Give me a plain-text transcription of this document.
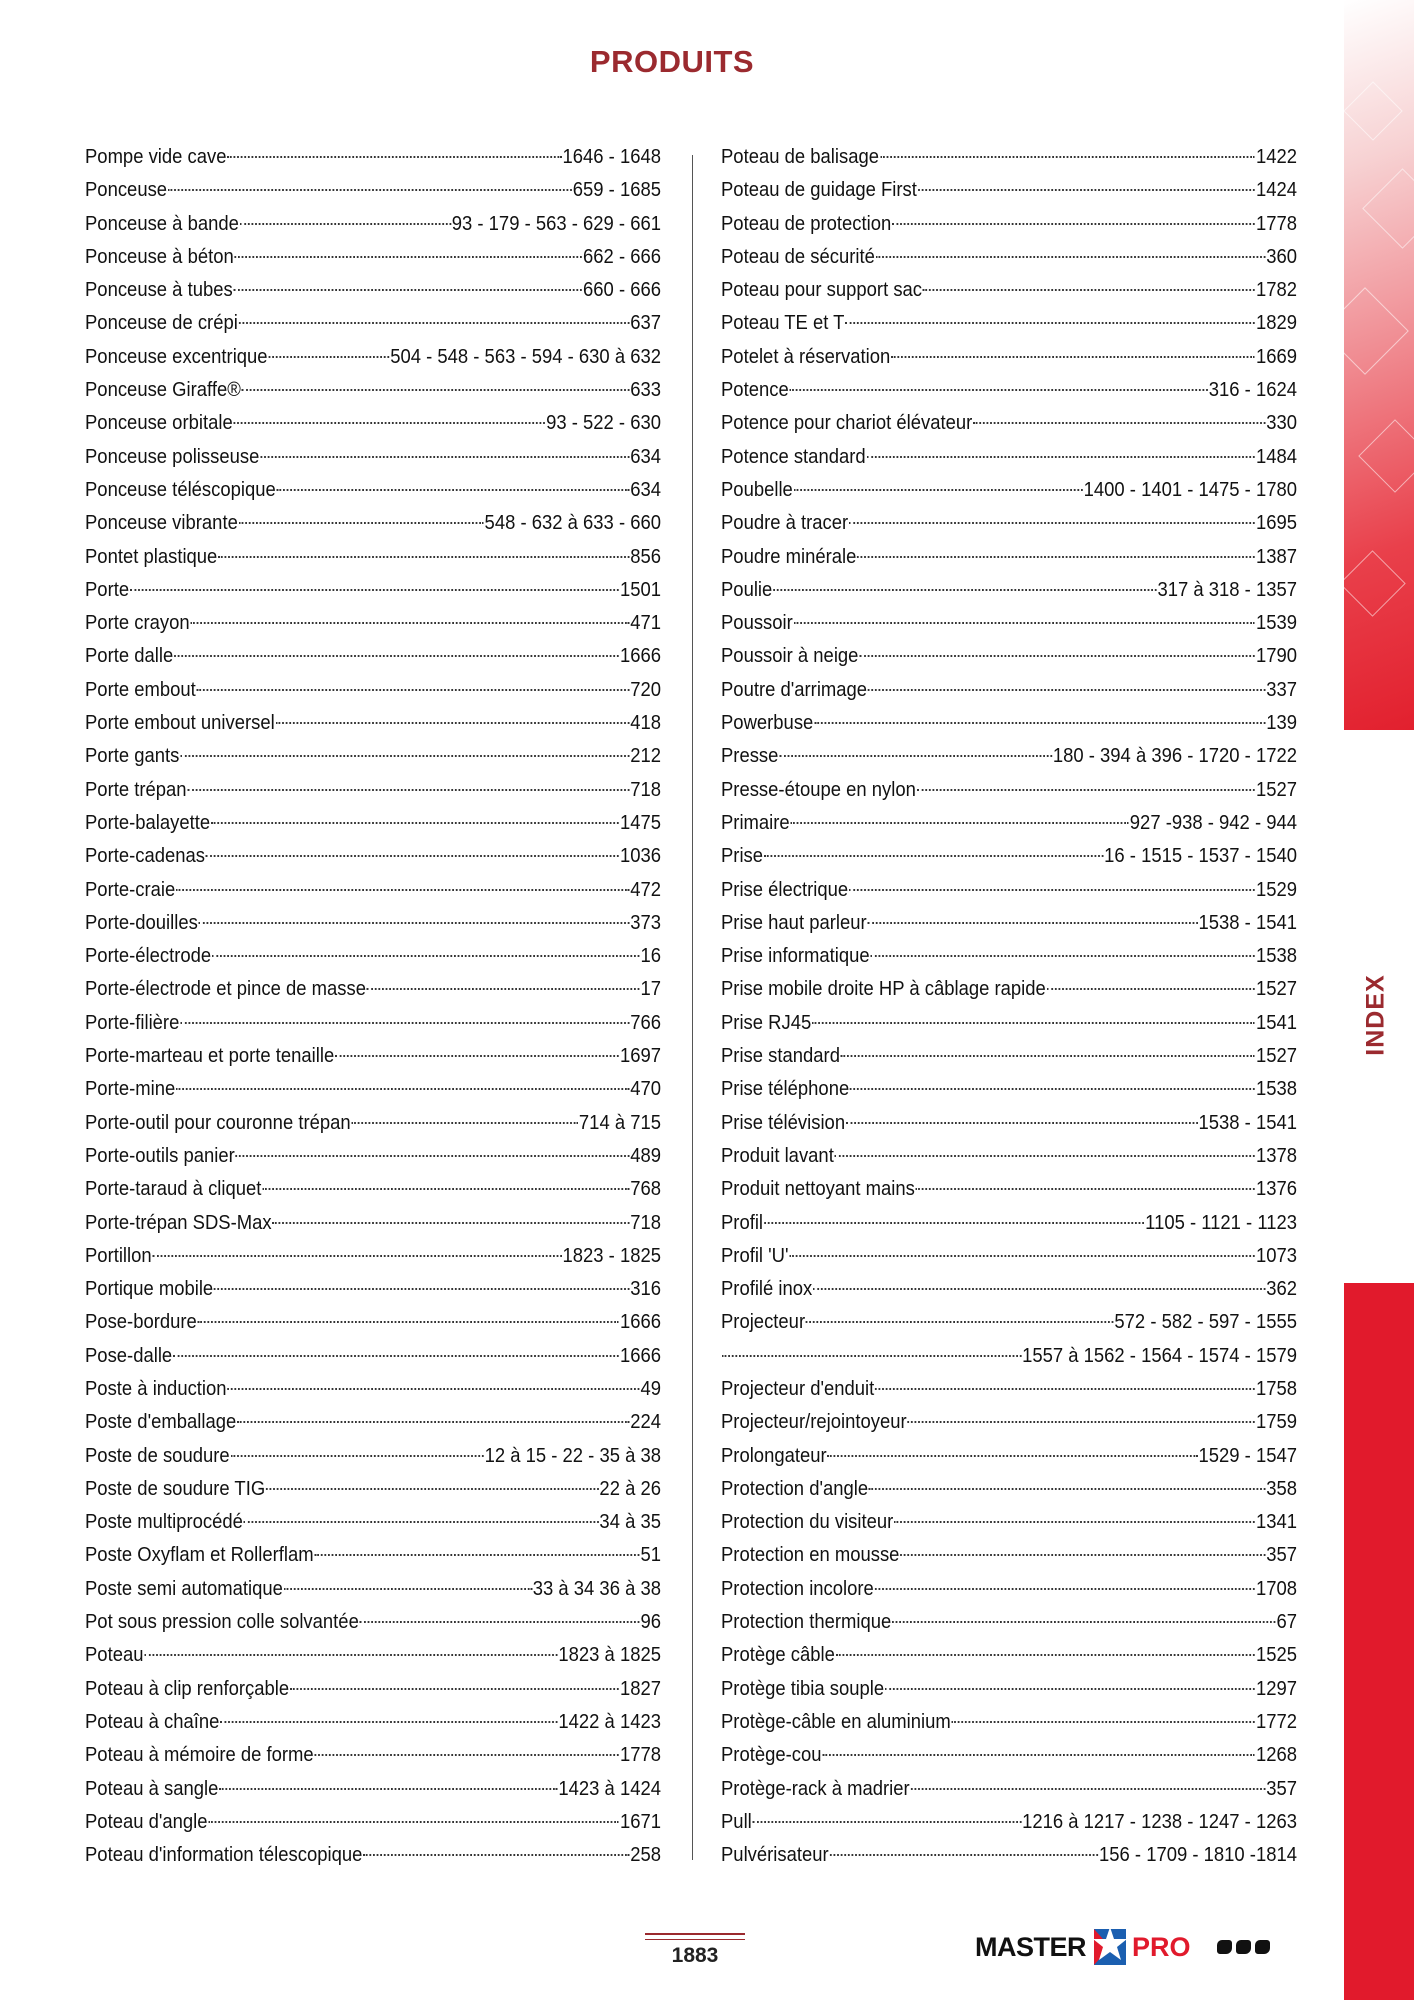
INDEX
PRODUITS
Pompe vide cave	1646 - 1648
Ponceuse	659 - 1685
Ponceuse à bande	93 - 179 - 563 - 629 - 661
Ponceuse à béton	662 - 666
Ponceuse à tubes	660 - 666
Ponceuse de crépi	637
Ponceuse excentrique	504 - 548 - 563 - 594 - 630 à 632
Ponceuse Giraffe®	633
Ponceuse orbitale	93 - 522 - 630
Ponceuse polisseuse	634
Ponceuse téléscopique	634
Ponceuse vibrante	548 - 632 à 633 - 660
Pontet plastique	856
Porte	1501
Porte crayon	471
Porte dalle	1666
Porte embout	720
Porte embout universel	418
Porte gants	212
Porte trépan	718
Porte-balayette	1475
Porte-cadenas	1036
Porte-craie	472
Porte-douilles	373
Porte-électrode	16
Porte-électrode et pince de masse	17
Porte-filière	766
Porte-marteau et porte tenaille	1697
Porte-mine	470
Porte-outil pour couronne trépan	714 à 715
Porte-outils panier	489
Porte-taraud à cliquet	768
Porte-trépan SDS-Max	718
Portillon	1823 - 1825
Portique mobile	316
Pose-bordure	1666
Pose-dalle	1666
Poste à induction	49
Poste d'emballage	224
Poste de soudure	12 à 15 - 22 - 35 à 38
Poste de soudure TIG	22 à 26
Poste multiprocédé	34 à 35
Poste Oxyflam et Rollerflam	51
Poste semi automatique	33 à 34 36 à 38
Pot sous pression colle solvantée	96
Poteau	1823 à 1825
Poteau à clip renforçable	1827
Poteau à chaîne	1422 à 1423
Poteau à mémoire de forme	1778
Poteau à sangle	1423 à 1424
Poteau d'angle	1671
Poteau d'information télescopique	258
Poteau de balisage	1422
Poteau de guidage First	1424
Poteau de protection	1778
Poteau de sécurité	360
Poteau pour support sac	1782
Poteau TE et T	1829
Potelet à réservation	1669
Potence	316 - 1624
Potence pour chariot élévateur	330
Potence standard	1484
Poubelle	1400 - 1401 - 1475 - 1780
Poudre à tracer	1695
Poudre minérale	1387
Poulie	317 à 318 - 1357
Poussoir	1539
Poussoir à neige	1790
Poutre d'arrimage	337
Powerbuse	139
Presse	180 - 394 à 396 - 1720 - 1722
Presse-étoupe en nylon	1527
Primaire	927 -938 - 942 - 944
Prise	16 - 1515 - 1537 - 1540
Prise électrique	1529
Prise haut parleur	1538 - 1541
Prise informatique	1538
Prise mobile droite HP à câblage rapide	1527
Prise RJ45	1541
Prise standard	1527
Prise téléphone	1538
Prise télévision	1538 - 1541
Produit lavant	1378
Produit nettoyant mains	1376
Profil	1105 - 1121 - 1123
Profil 'U'	1073
Profilé inox	362
Projecteur	572 - 582 - 597 - 1555
1557 à 1562 - 1564 - 1574 - 1579
Projecteur d'enduit	1758
Projecteur/rejointoyeur	1759
Prolongateur	1529 - 1547
Protection d'angle	358
Protection du visiteur	1341
Protection en mousse	357
Protection incolore	1708
Protection thermique	67
Protège câble	1525
Protège tibia souple	1297
Protège-câble en aluminium	1772
Protège-cou	1268
Protège-rack à madrier	357
Pull	1216 à 1217 - 1238 - 1247 - 1263
Pulvérisateur	156 - 1709 - 1810 -1814
1883	MASTER PRO
